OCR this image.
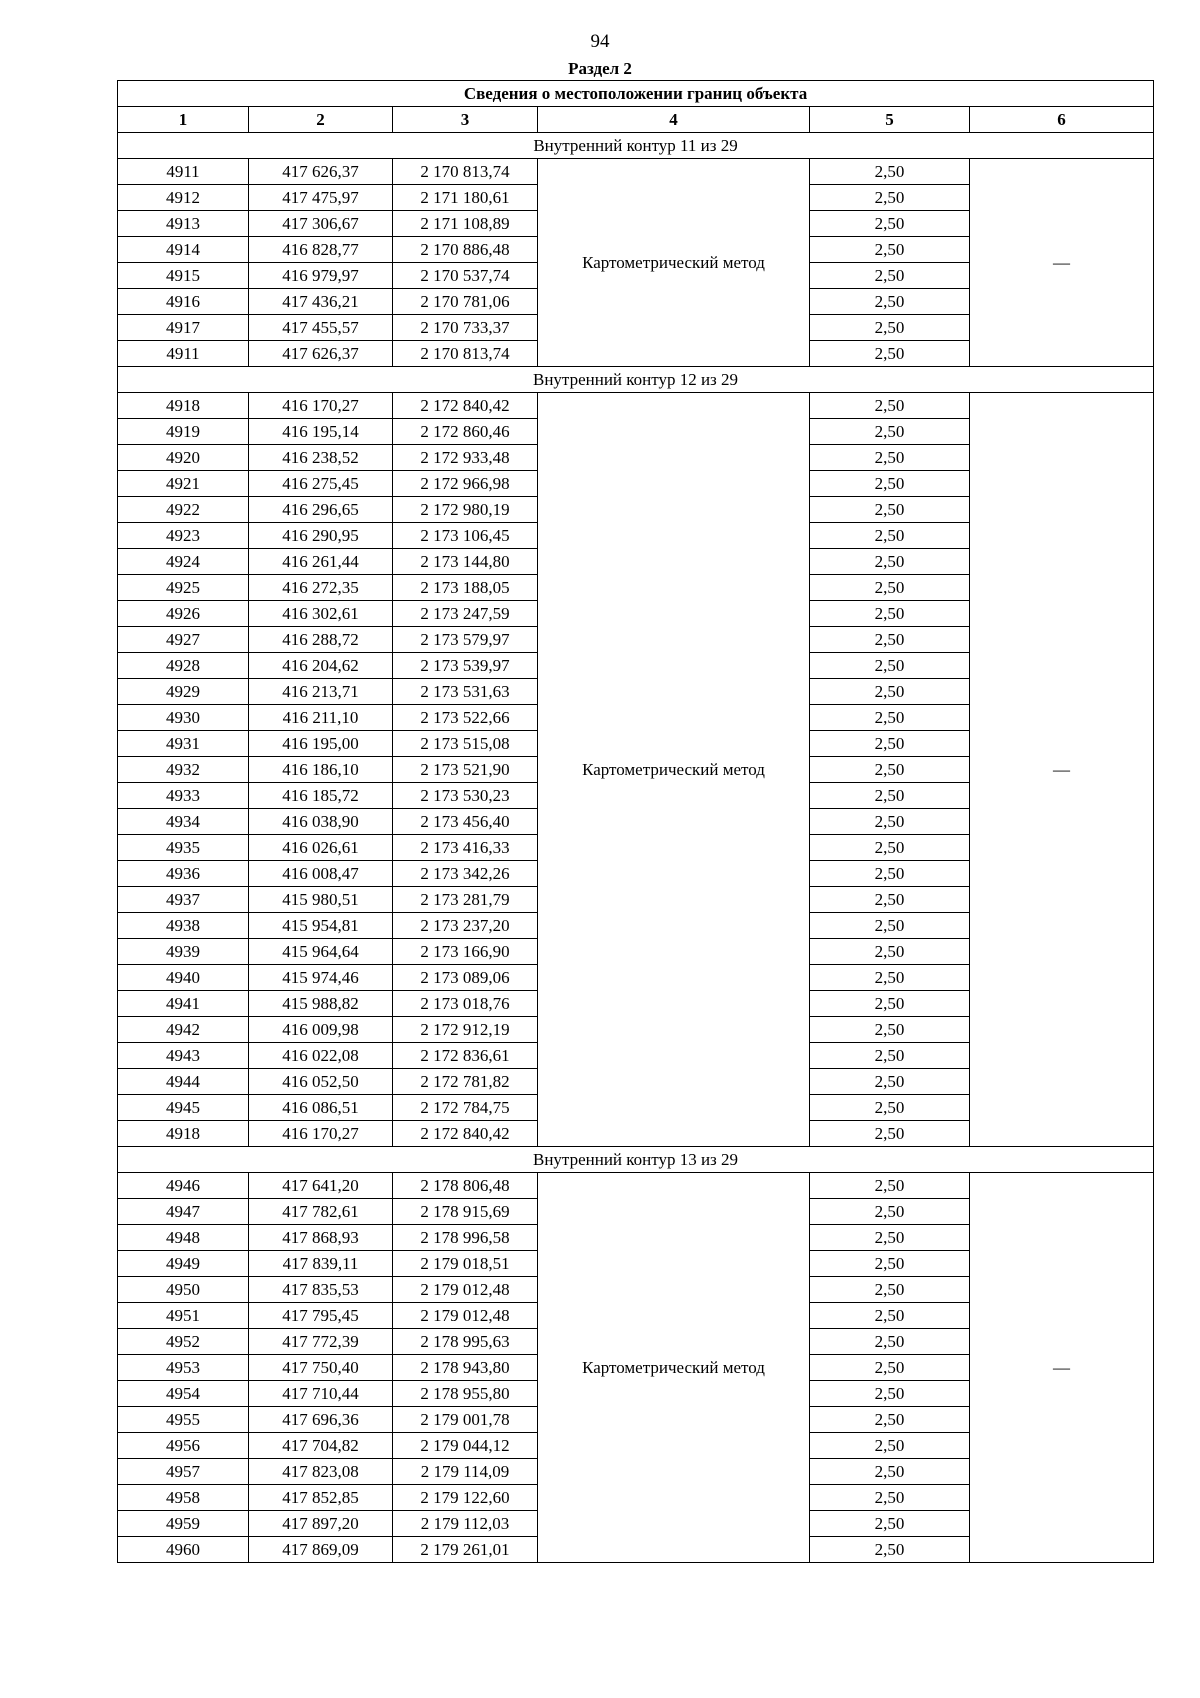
94
Раздел 2
Сведения о местоположении границ объекта					
1	2	3	4	5	6
Внутренний контур 11 из 29					
4911	417 626,37	2 170 813,74	Картометрический метод	2,50	—
4912	417 475,97	2 171 180,61		2,50	
4913	417 306,67	2 171 108,89		2,50	
4914	416 828,77	2 170 886,48		2,50	
4915	416 979,97	2 170 537,74		2,50	
4916	417 436,21	2 170 781,06		2,50	
4917	417 455,57	2 170 733,37		2,50	
4911	417 626,37	2 170 813,74		2,50	
Внутренний контур 12 из 29					
4918	416 170,27	2 172 840,42	Картометрический метод	2,50	—
4919	416 195,14	2 172 860,46		2,50	
4920	416 238,52	2 172 933,48		2,50	
4921	416 275,45	2 172 966,98		2,50	
4922	416 296,65	2 172 980,19		2,50	
4923	416 290,95	2 173 106,45		2,50	
4924	416 261,44	2 173 144,80		2,50	
4925	416 272,35	2 173 188,05		2,50	
4926	416 302,61	2 173 247,59		2,50	
4927	416 288,72	2 173 579,97		2,50	
4928	416 204,62	2 173 539,97		2,50	
4929	416 213,71	2 173 531,63		2,50	
4930	416 211,10	2 173 522,66		2,50	
4931	416 195,00	2 173 515,08		2,50	
4932	416 186,10	2 173 521,90		2,50	
4933	416 185,72	2 173 530,23		2,50	
4934	416 038,90	2 173 456,40		2,50	
4935	416 026,61	2 173 416,33		2,50	
4936	416 008,47	2 173 342,26		2,50	
4937	415 980,51	2 173 281,79		2,50	
4938	415 954,81	2 173 237,20		2,50	
4939	415 964,64	2 173 166,90		2,50	
4940	415 974,46	2 173 089,06		2,50	
4941	415 988,82	2 173 018,76		2,50	
4942	416 009,98	2 172 912,19		2,50	
4943	416 022,08	2 172 836,61		2,50	
4944	416 052,50	2 172 781,82		2,50	
4945	416 086,51	2 172 784,75		2,50	
4918	416 170,27	2 172 840,42		2,50	
Внутренний контур 13 из 29					
4946	417 641,20	2 178 806,48	Картометрический метод	2,50	—
4947	417 782,61	2 178 915,69		2,50	
4948	417 868,93	2 178 996,58		2,50	
4949	417 839,11	2 179 018,51		2,50	
4950	417 835,53	2 179 012,48		2,50	
4951	417 795,45	2 179 012,48		2,50	
4952	417 772,39	2 178 995,63		2,50	
4953	417 750,40	2 178 943,80		2,50	
4954	417 710,44	2 178 955,80		2,50	
4955	417 696,36	2 179 001,78		2,50	
4956	417 704,82	2 179 044,12		2,50	
4957	417 823,08	2 179 114,09		2,50	
4958	417 852,85	2 179 122,60		2,50	
4959	417 897,20	2 179 112,03		2,50	
4960	417 869,09	2 179 261,01		2,50	
